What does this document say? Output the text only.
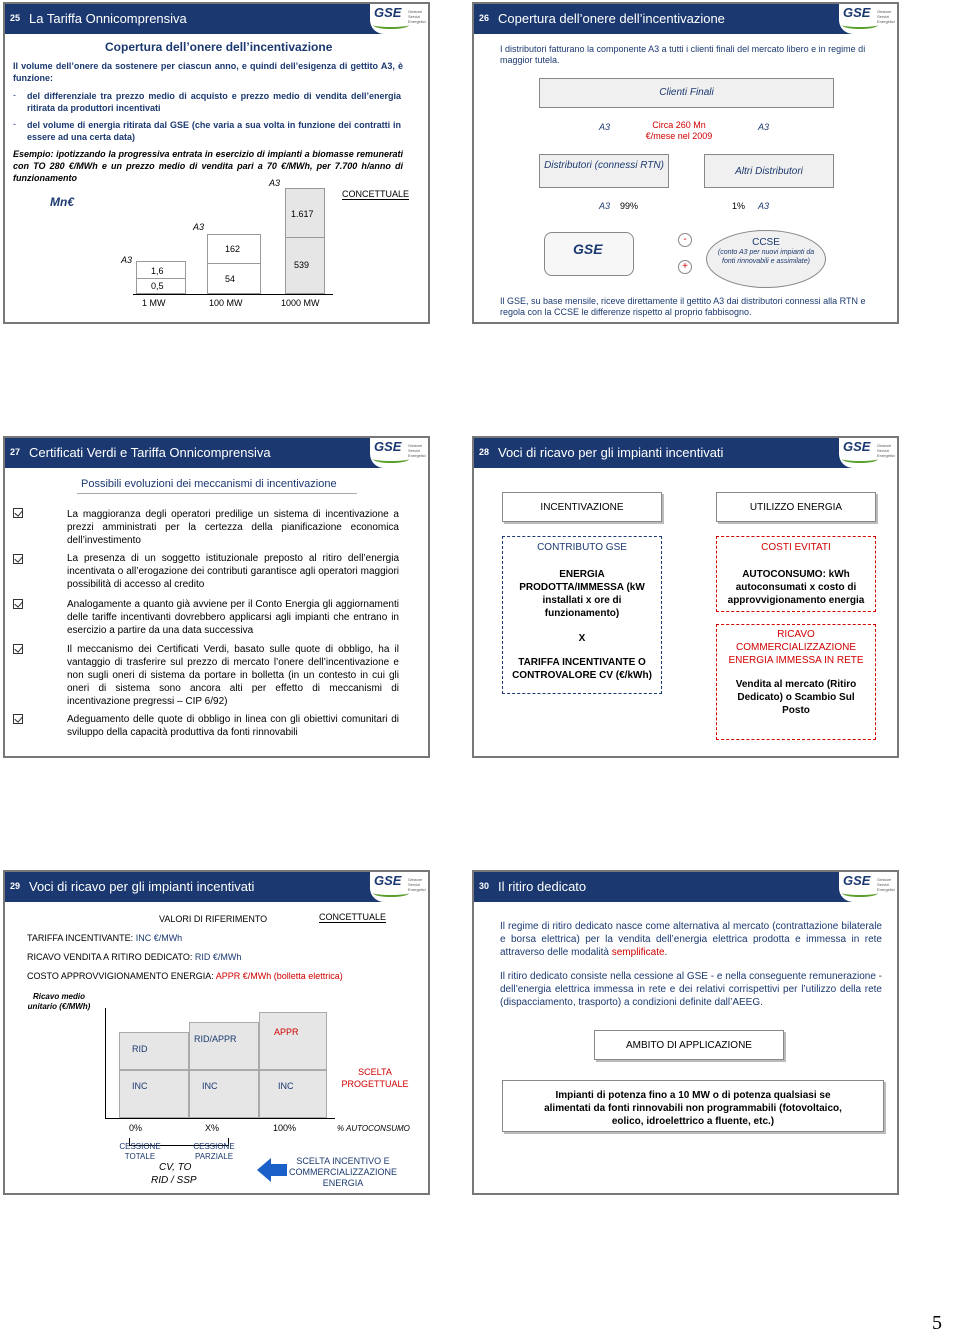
25 La Tariffa Onnicomprensiva	GSE Gestore Servizi Energetici
Copertura dell’onere dell’incentivazione
Il volume dell’onere da sostenere per ciascun anno, e quindi dell’esigenza di gettito A3, è funzione:
- del differenziale tra prezzo medio di acquisto e prezzo medio di vendita dell’energia ritirata da produttori incentivati
- del volume di energia ritirata dal GSE (che varia a sua volta in funzione dei contratti in essere ad una certa data)
Esempio: ipotizzando la progressiva entrata in esercizio di impianti a biomasse remunerati con TO 280 €/MWh e un prezzo medio di vendita pari a 70 €/MWh, per 7.700 h/anno di funzionamento
Mn€
CONCETTUALE
A3
A3
A3
1,6
0,5
162
54
1.617
539
1 MW	100 MW	1000 MW
26 Copertura dell’onere dell’incentivazione	GSE Gestore Servizi Energetici
I distributori fatturano la componente A3 a tutti i clienti finali del mercato libero e in regime di maggior tutela.
Clienti Finali
A3	Circa 260 Mn €/mese nel 2009
A3
Distributori (connessi RTN)
Altri Distributori
A3 99%	1% A3
GSE
-
+
CCSE
(conto A3 per nuovi impianti da fonti rinnovabili e assimilate)
Il GSE, su base mensile, riceve direttamente il gettito A3 dai distributori connessi alla RTN e regola con la CCSE le differenze rispetto al proprio fabbisogno.
27 Certificati Verdi e Tariffa Onnicomprensiva	GSE Gestore Servizi Energetici
Possibili evoluzioni dei meccanismi di incentivazione
La maggioranza degli operatori predilige un sistema di incentivazione a prezzi amministrati per la certezza della pianificazione economica dell’investimento
La presenza di un soggetto istituzionale preposto al ritiro dell’energia incentivata o all’erogazione dei contributi garantisce agli operatori maggiori possibilità di accesso al credito
Analogamente a quanto già avviene per il Conto Energia gli aggiornamenti delle tariffe incentivanti dovrebbero applicarsi agli impianti che entrano in esercizio a partire da una data successiva
Il meccanismo dei Certificati Verdi, basato sulle quote di obbligo, ha il vantaggio di trasferire sul prezzo di mercato l’onere dell’incentivazione e non sugli oneri di sistema da portare in bolletta (in un contesto in cui gli oneri di sistema sono ancora alti per effetto di meccanismi di incentivazione pregressi – CIP 6/92)
Adeguamento delle quote di obbligo in linea con gli obiettivi comunitari di sviluppo della capacità produttiva da fonti rinnovabili
28 Voci di ricavo per gli impianti incentivati	GSE Gestore Servizi Energetici
INCENTIVAZIONE	UTILIZZO ENERGIA
CONTRIBUTO GSE
ENERGIA PRODOTTA/IMMESSA (kW installati x ore di funzionamento)
X
TARIFFA INCENTIVANTE O CONTROVALORE CV (€/kWh)
COSTI EVITATI
AUTOCONSUMO: kWh autoconsumati x costo di approvvigionamento energia
RICAVO COMMERCIALIZZAZIONE ENERGIA IMMESSA IN RETE
Vendita al mercato (Ritiro Dedicato) o Scambio Sul Posto
29 Voci di ricavo per gli impianti incentivati	GSE Gestore Servizi Energetici
VALORI DI RIFERIMENTO	CONCETTUALE
TARIFFA INCENTIVANTE: INC €/MWh
RICAVO VENDITA A RITIRO DEDICATO: RID €/MWh
COSTO APPROVVIGIONAMENTO ENERGIA: APPR €/MWh (bolletta elettrica)
Ricavo medio unitario (€/MWh)
RID
RID/APPR
APPR
INC	INC	INC
SCELTA PROGETTUALE
0%	X%	100%	% AUTOCONSUMO
CESSIONE TOTALE
CESSIONE PARZIALE
CV, TO
RID / SSP
SCELTA INCENTIVO E COMMERCIALIZZAZIONE ENERGIA
30 Il ritiro dedicato	GSE Gestore Servizi Energetici
Il regime di ritiro dedicato nasce come alternativa al mercato (contrattazione bilaterale e borsa elettrica) per la vendita dell’energia elettrica prodotta e immessa in rete attraverso delle modalità semplificate.
Il ritiro dedicato consiste nella cessione al GSE - e nella conseguente remunerazione - dell’energia elettrica immessa in rete e dei relativi corrispettivi per l’utilizzo della rete (dispacciamento, trasporto) a condizioni definite dall’AEEG.
AMBITO DI APPLICAZIONE
Impianti di potenza fino a 10 MW o di potenza qualsiasi se alimentati da fonti rinnovabili non programmabili (fotovoltaico, eolico, idroelettrico a fluente, etc.)
5
